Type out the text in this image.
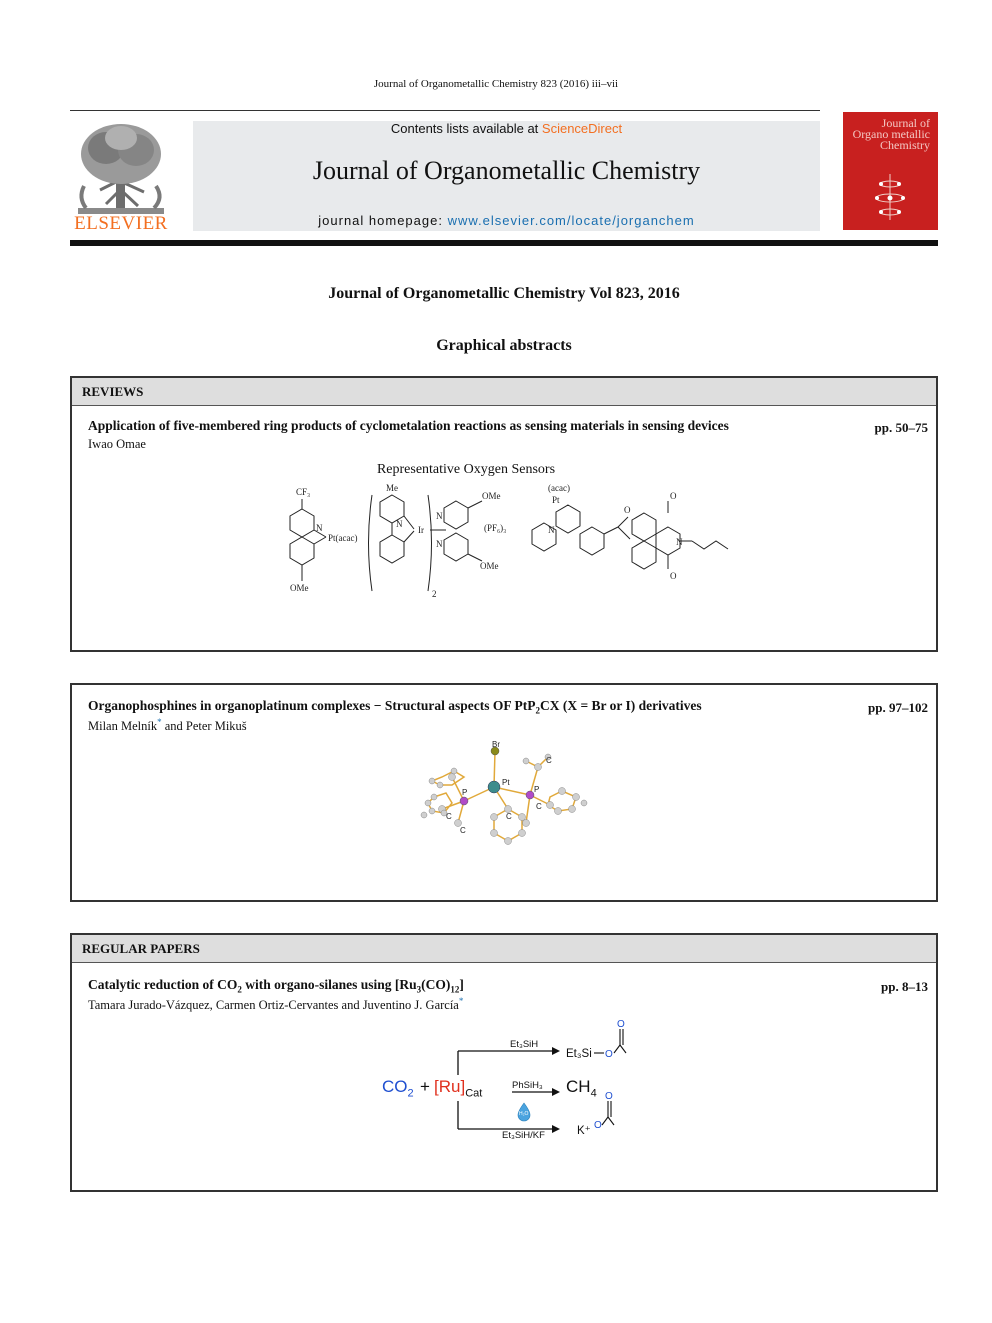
Journal of Organometallic Chemistry 823 (2016) iii–vii
ELSEVIER
Contents lists available at ScienceDirect
Journal of Organometallic Chemistry
journal homepage: www.elsevier.com/locate/jorganchem
Journal of Organo metallic Chemistry
Journal of Organometallic Chemistry Vol 823, 2016
Graphical abstracts
REVIEWS
Application of five-membered ring products of cyclometalation reactions as sensing materials in sensing devices	pp. 50–75
Iwao Omae
Representative Oxygen Sensors
CF₃
N
Pt(acac)
OMe
Me
N
Ir
N
N
OMe
(PF₆)₃
2
OMe
(acac)
Pt
N
O
O
N
O
Organophosphines in organoplatinum complexes − Structural aspects OF PtP$_2$CX (X = Br or I) derivatives	pp. 97–102
Milan Melník* and Peter Mikuš
Br
Pt
P	P
C
C
C
C
C
REGULAR PAPERS
Catalytic reduction of $CO_2$ with organo-silanes using $[Ru_3(CO)_{12}]$	pp. 8–13
Tamara Jurado-Vázquez, Carmen Ortiz-Cervantes and Juventino J. García*
$CO_2 + [Ru]_{Cat}$
Et₃SiH
PhSiH₃
H₂O
Et₃SiH/KF
Et₃Si
$CH_4$
K⁺
O
O
O
O
